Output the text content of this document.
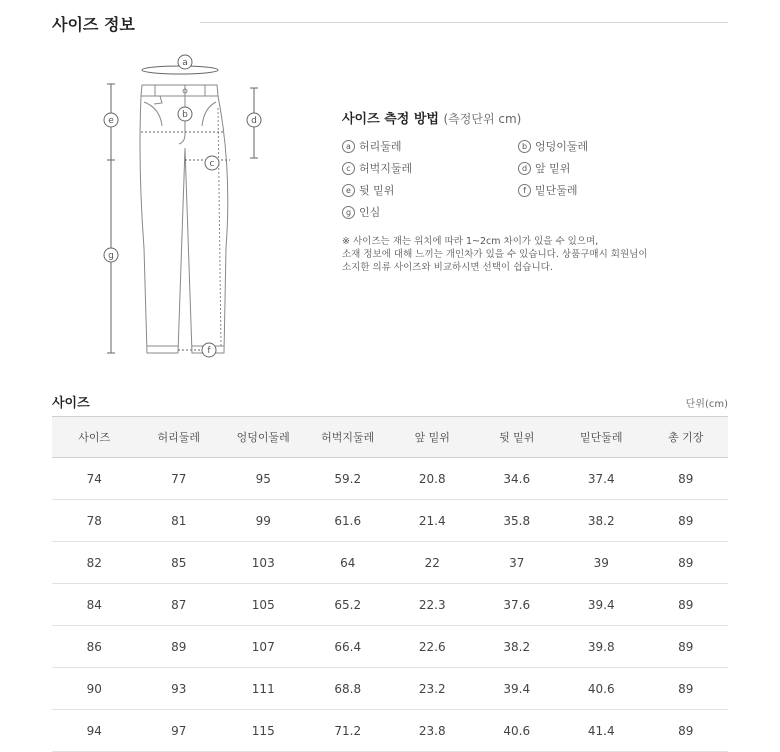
사이즈 정보
a
b
c
d
e
f
g
사이즈 측정 방법 (측정단위 cm)
a 허리둘레	b 엉덩이둘레
c 허벅지둘레	d 앞 밑위
e 뒷 밑위	f 밑단둘레
g 인심
※ 사이즈는 재는 위치에 따라 1~2cm 차이가 있을 수 있으며,
소재 정보에 대해 느끼는 개인차가 있을 수 있습니다. 상품구매시 회원님이
소지한 의류 사이즈와 비교하시면 선택이 쉽습니다.
사이즈	단위(cm)
사이즈	허리둘레	엉덩이둘레	허벅지둘레	앞 밑위	뒷 밑위	밑단둘레	총 기장
74	77	95	59.2	20.8	34.6	37.4	89
78	81	99	61.6	21.4	35.8	38.2	89
82	85	103	64	22	37	39	89
84	87	105	65.2	22.3	37.6	39.4	89
86	89	107	66.4	22.6	38.2	39.8	89
90	93	111	68.8	23.2	39.4	40.6	89
94	97	115	71.2	23.8	40.6	41.4	89
